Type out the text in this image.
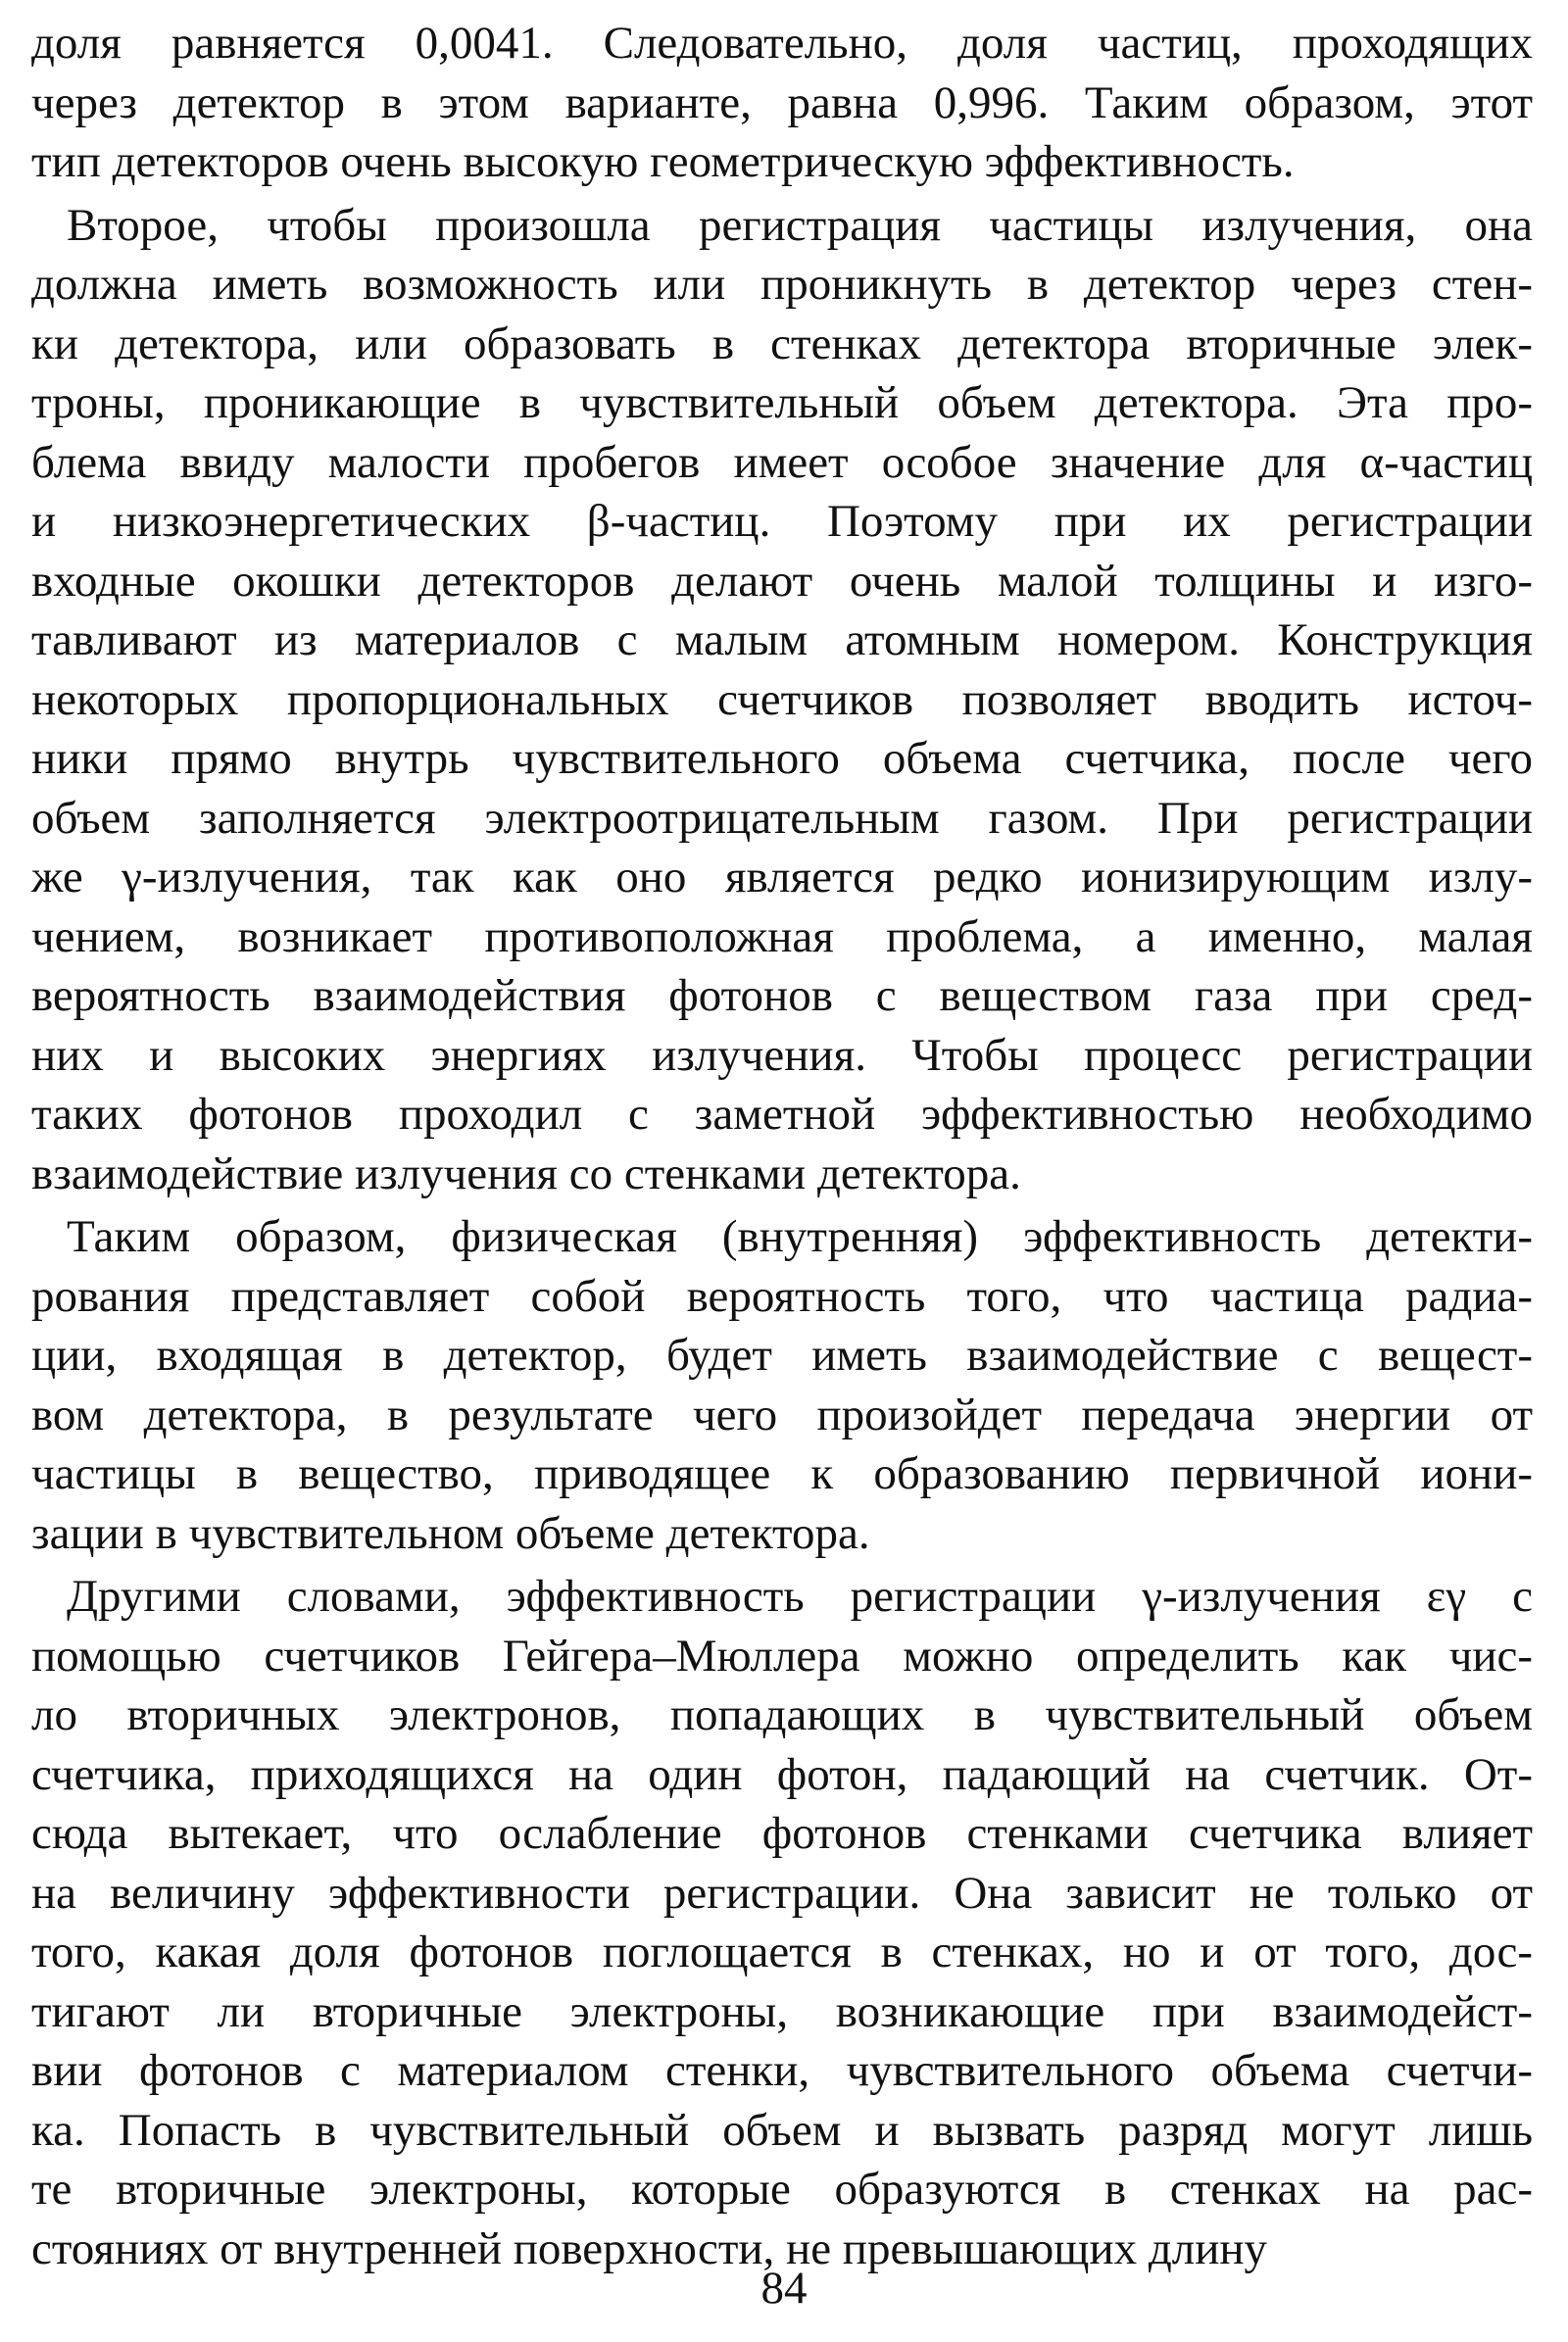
доля равняется 0,0041. Следовательно, доля частиц, проходящих
через детектор в этом варианте, равна 0,996. Таким образом, этот
тип детекторов очень высокую геометрическую эффективность.
Второе, чтобы произошла регистрация частицы излучения, она
должна иметь возможность или проникнуть в детектор через стен-
ки детектора, или образовать в стенках детектора вторичные элек-
троны, проникающие в чувствительный объем детектора. Эта про-
блема ввиду малости пробегов имеет особое значение для α-частиц
и низкоэнергетических β-частиц. Поэтому при их регистрации
входные окошки детекторов делают очень малой толщины и изго-
тавливают из материалов с малым атомным номером. Конструкция
некоторых пропорциональных счетчиков позволяет вводить источ-
ники прямо внутрь чувствительного объема счетчика, после чего
объем заполняется электроотрицательным газом. При регистрации
же γ-излучения, так как оно является редко ионизирующим излу-
чением, возникает противоположная проблема, а именно, малая
вероятность взаимодействия фотонов с веществом газа при сред-
них и высоких энергиях излучения. Чтобы процесс регистрации
таких фотонов проходил с заметной эффективностью необходимо
взаимодействие излучения со стенками детектора.
Таким образом, физическая (внутренняя) эффективность детекти-
рования представляет собой вероятность того, что частица радиа-
ции, входящая в детектор, будет иметь взаимодействие с вещест-
вом детектора, в результате чего произойдет передача энергии от
частицы в вещество, приводящее к образованию первичной иони-
зации в чувствительном объеме детектора.
Другими словами, эффективность регистрации γ-излучения εγ с
помощью счетчиков Гейгера–Мюллера можно определить как чис-
ло вторичных электронов, попадающих в чувствительный объем
счетчика, приходящихся на один фотон, падающий на счетчик. От-
сюда вытекает, что ослабление фотонов стенками счетчика влияет
на величину эффективности регистрации. Она зависит не только от
того, какая доля фотонов поглощается в стенках, но и от того, дос-
тигают ли вторичные электроны, возникающие при взаимодейст-
вии фотонов с материалом стенки, чувствительного объема счетчи-
ка. Попасть в чувствительный объем и вызвать разряд могут лишь
те вторичные электроны, которые образуются в стенках на рас-
стояниях от внутренней поверхности, не превышающих длину
84
